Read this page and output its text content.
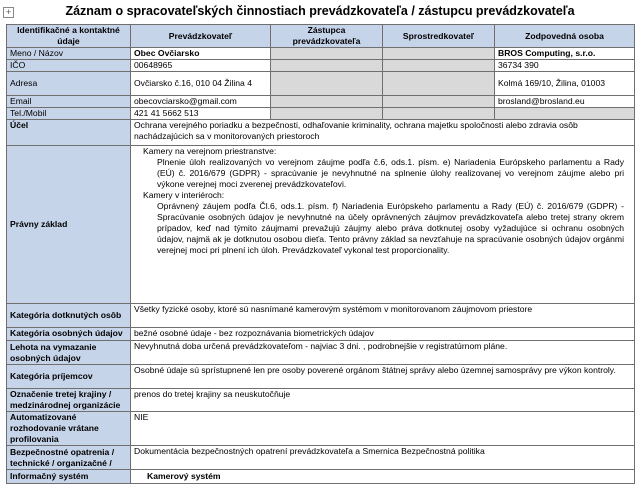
+	Záznam o spracovateľských činnostiach prevádzkovateľa / zástupcu prevádzkovateľa
Identifikačné a kontaktné údaje	Prevádzkovateľ	Zástupca prevádzkovateľa	Sprostredkovateľ	Zodpovedná osoba
Meno / Názov	Obec Ovčiarsko			BROS Computing, s.r.o.
IČO	00648965			36734 390
Adresa	Ovčiarsko č.16, 010 04 Žilina 4			Kolmá 169/10, Žilina, 01003
Email	obecovciarsko@gmail.com			brosland@brosland.eu
Tel./Mobil	421 41 5662 513			
Účel	Ochrana verejného poriadku a bezpečnosti, odhaľovanie kriminality, ochrana majetku spoločnosti alebo zdravia osôb nachádzajúcich sa v monitorovaných priestoroch			
Právny základ	Kamery na verejnom priestranstve:
Plnenie úloh realizovaných vo verejnom záujme podľa č.6, ods.1. písm. e) Nariadenia Európskeho parlamentu a Rady (EÚ) č. 2016/679 (GDPR) - spracúvanie je nevyhnutné na splnenie úlohy realizovanej vo verejnom záujme alebo pri výkone verejnej moci zverenej prevádzkovateľovi.
Kamery v interiéroch:
Oprávnený záujem podľa Čl.6, ods.1. písm. f) Nariadenia Európskeho parlamentu a Rady (EÚ) č. 2016/679 (GDPR) - Spracúvanie osobných údajov je nevyhnutné na účely oprávnených záujmov prevádzkovateľa alebo tretej strany okrem prípadov, keď nad týmito záujmami prevažujú záujmy alebo práva dotknutej osoby vyžadujúce si ochranu osobných údajov, najmä ak je dotknutou osobou dieťa. Tento právny základ sa nevzťahuje na spracúvanie osobných údajov orgánmi verejnej moci pri plnení ich úloh. Prevádzkovateľ vykonal test proporcionality.			

Kategória dotknutých osôb	Všetky fyzické osoby, ktoré sú nasnímané kamerovým systémom v monitorovanom záujmovom priestore			
Kategória osobných údajov	bežné osobné údaje - bez rozpoznávania biometrických údajov			
Lehota na vymazanie osobných údajov	Nevyhnutná doba určená prevádzkovateľom - najviac 3 dni. , podrobnejšie v registratúrnom pláne.			
Kategória príjemcov	Osobné údaje sú sprístupnené len pre osoby poverené orgánom štátnej správy alebo územnej samosprávy pre výkon kontroly.			
Označenie tretej krajiny / medzinárodnej organizácie	prenos do tretej krajiny sa neuskutočňuje			
Automatizované rozhodovanie vrátane profilovania	NIE			
Bezpečnostné opatrenia / technické / organizačné /	Dokumentácia bezpečnostných opatrení prevádzkovateľa a Smernica Bezpečnostná politika			
Informačný systém	Kamerový systém			
